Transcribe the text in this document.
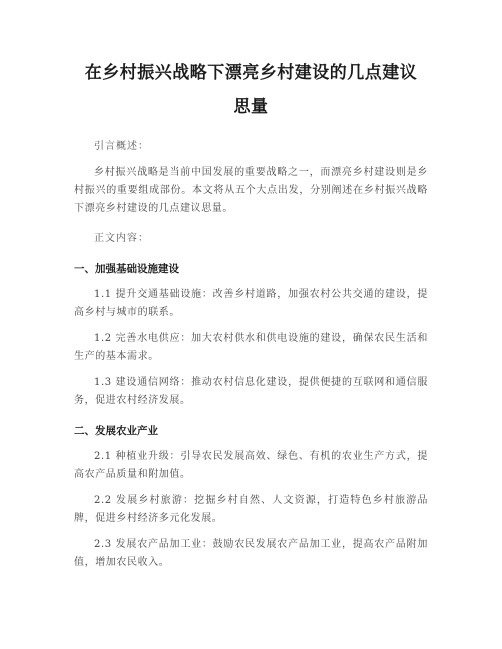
在乡村振兴战略下漂亮乡村建设的几点建议思量

引言概述：

乡村振兴战略是当前中国发展的重要战略之一，而漂亮乡村建设则是乡村振兴的重要组成部份。本文将从五个大点出发，分别阐述在乡村振兴战略下漂亮乡村建设的几点建议思量。

正文内容：

一、加强基础设施建设

1.1 提升交通基础设施：改善乡村道路，加强农村公共交通的建设，提高乡村与城市的联系。

1.2 完善水电供应：加大农村供水和供电设施的建设，确保农民生活和生产的基本需求。

1.3 建设通信网络：推动农村信息化建设，提供便捷的互联网和通信服务，促进农村经济发展。

二、发展农业产业

2.1 种植业升级：引导农民发展高效、绿色、有机的农业生产方式，提高农产品质量和附加值。

2.2 发展乡村旅游：挖掘乡村自然、人文资源，打造特色乡村旅游品牌，促进乡村经济多元化发展。

2.3 发展农产品加工业：鼓励农民发展农产品加工业，提高农产品附加值，增加农民收入。
